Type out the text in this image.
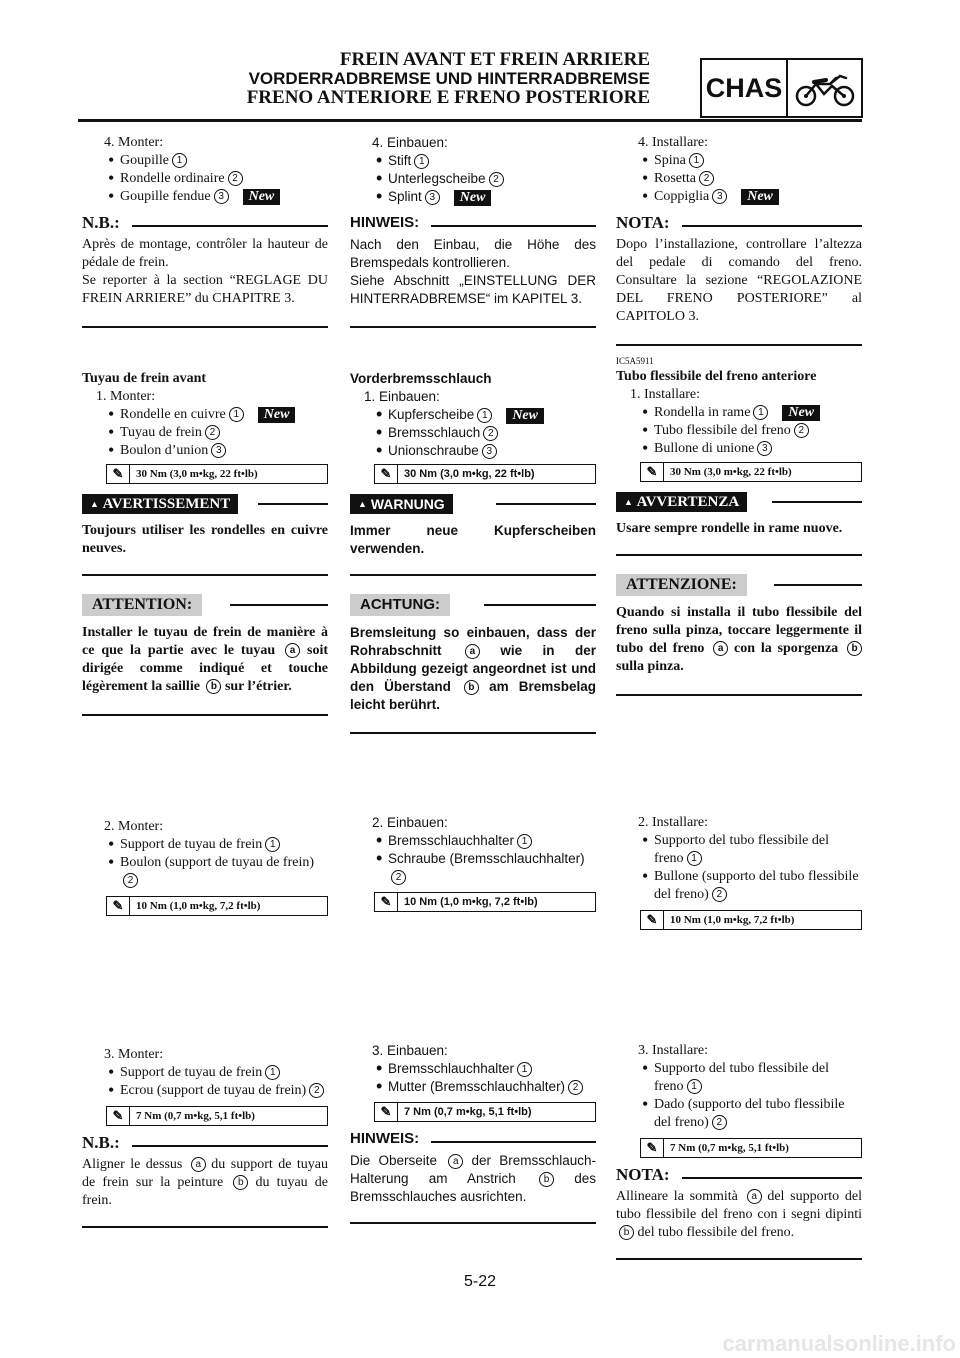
FREIN AVANT ET FREIN ARRIERE
VORDERRADBREMSE UND HINTERRADBREMSE
FRENO ANTERIORE E FRENO POSTERIORE CHAS
4. Monter:
• Goupille 1
• Rondelle ordinaire 2
• Goupille fendue 3 New
N.B.:
Après de montage, contrôler la hauteur de pédale de frein.
Se reporter à la section “REGLAGE DU FREIN ARRIERE” du CHAPITRE 3.
Tuyau de frein avant
1. Monter:
• Rondelle en cuivre 1 New
• Tuyau de frein 2
• Boulon d’union 3
✎	30 Nm (3,0 m•kg, 22 ft•lb)
▲
AVERTISSEMENT
Toujours utiliser les rondelles en cuivre neuves.
ATTENTION:
Installer le tuyau de frein de manière à ce que la partie avec le tuyau a soit dirigée comme indiqué et touche légèrement la saillie b sur l’étrier.
2. Monter:
• Support de tuyau de frein 1
• Boulon (support de tuyau de frein)2
✎	10 Nm (1,0 m•kg, 7,2 ft•lb)
3. Monter:
• Support de tuyau de frein 1
• Ecrou (support de tuyau de frein) 2
✎	7 Nm (0,7 m•kg, 5,1 ft•lb)
N.B.:
Aligner le dessus a du support de tuyau de frein sur la peinture b du tuyau de frein.
4. Einbauen:
• Stift 1
• Unterlegscheibe 2
• Splint 3 New
HINWEIS:
Nach den Einbau, die Höhe des Bremspedals kontrollieren.
Siehe Abschnitt „EINSTELLUNG DER HINTERRADBREMSE“ im KAPITEL 3.
Vorderbremsschlauch
1. Einbauen:
• Kupferscheibe 1 New
• Bremsschlauch 2
• Unionschraube 3
✎	30 Nm (3,0 m•kg, 22 ft•lb)
▲
WARNUNG
Immer neue Kupferscheiben verwenden.
ACHTUNG:
Bremsleitung so einbauen, dass der Rohrabschnitt	a wie in der Abbildung gezeigt angeordnet ist und den Überstand b am Bremsbelag leicht berührt.
2. Einbauen:
• Bremsschlauchhalter 1
• Schraube (Bremsschlauchhalter)2
✎	10 Nm (1,0 m•kg, 7,2 ft•lb)
3. Einbauen:
• Bremsschlauchhalter 1
• Mutter (Bremsschlauchhalter) 2
✎	7 Nm (0,7 m•kg, 5,1 ft•lb)
HINWEIS:
Die Oberseite a der Bremsschlauch-Halterung am Anstrich	b des Bremsschlauches ausrichten.
4. Installare:
• Spina 1
• Rosetta 2
• Coppiglia 3 New
NOTA:
Dopo l’installazione, controllare l’altezza del pedale di comando del freno. Consultare la sezione “REGOLAZIONE DEL FRENO POSTERIORE” al CAPITOLO 3.
IC5A5911
Tubo flessibile del freno anteriore
1. Installare:
• Rondella in rame 1 New
• Tubo flessibile del freno 2
• Bullone di unione 3
✎	30 Nm (3,0 m•kg, 22 ft•lb)
▲
AVVERTENZA
Usare sempre rondelle in rame nuove.
ATTENZIONE:
Quando si installa il tubo flessibile del freno sulla pinza, toccare leggermente il tubo del freno a con la sporgenza b sulla pinza.
2. Installare:
• Supporto del tubo flessibile del freno 1
• Bullone (supporto del tubo flessibile del freno) 2
✎	10 Nm (1,0 m•kg, 7,2 ft•lb)
3. Installare:
• Supporto del tubo flessibile del freno 1
• Dado (supporto del tubo flessibile del freno) 2
✎	7 Nm (0,7 m•kg, 5,1 ft•lb)
NOTA:
Allineare la sommità a del supporto del tubo flessibile del freno con i segni dipinti b del tubo flessibile del freno.
5-22
carmanualsonline.info
